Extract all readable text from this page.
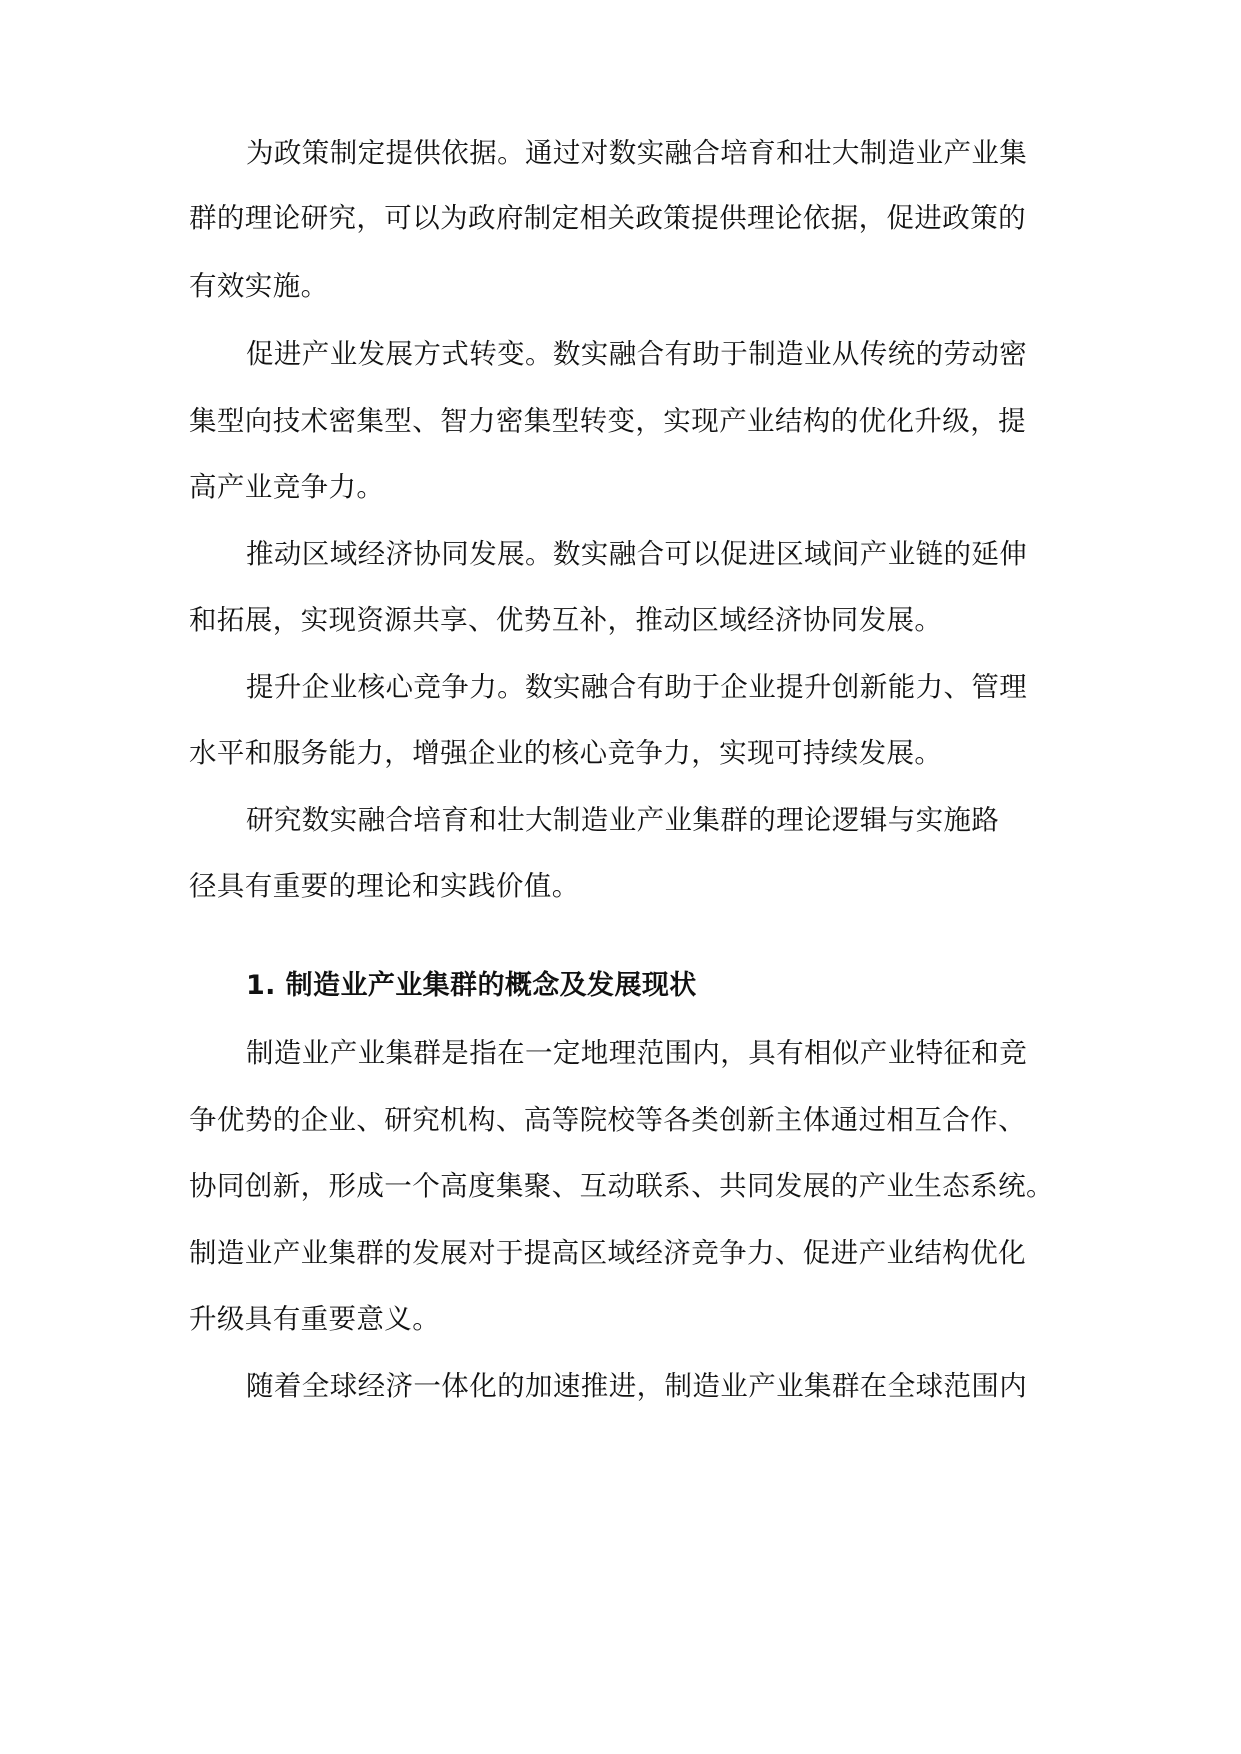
为政策制定提供依据。通过对数实融合培育和壮大制造业产业集
群的理论研究，可以为政府制定相关政策提供理论依据，促进政策的
有效实施。
促进产业发展方式转变。数实融合有助于制造业从传统的劳动密
集型向技术密集型、智力密集型转变，实现产业结构的优化升级，提
高产业竞争力。
推动区域经济协同发展。数实融合可以促进区域间产业链的延伸
和拓展，实现资源共享、优势互补，推动区域经济协同发展。
提升企业核心竞争力。数实融合有助于企业提升创新能力、管理
水平和服务能力，增强企业的核心竞争力，实现可持续发展。
研究数实融合培育和壮大制造业产业集群的理论逻辑与实施路
径具有重要的理论和实践价值。
1. 制造业产业集群的概念及发展现状
制造业产业集群是指在一定地理范围内，具有相似产业特征和竞
争优势的企业、研究机构、高等院校等各类创新主体通过相互合作、
协同创新，形成一个高度集聚、互动联系、共同发展的产业生态系统。
制造业产业集群的发展对于提高区域经济竞争力、促进产业结构优化
升级具有重要意义。
随着全球经济一体化的加速推进，制造业产业集群在全球范围内
